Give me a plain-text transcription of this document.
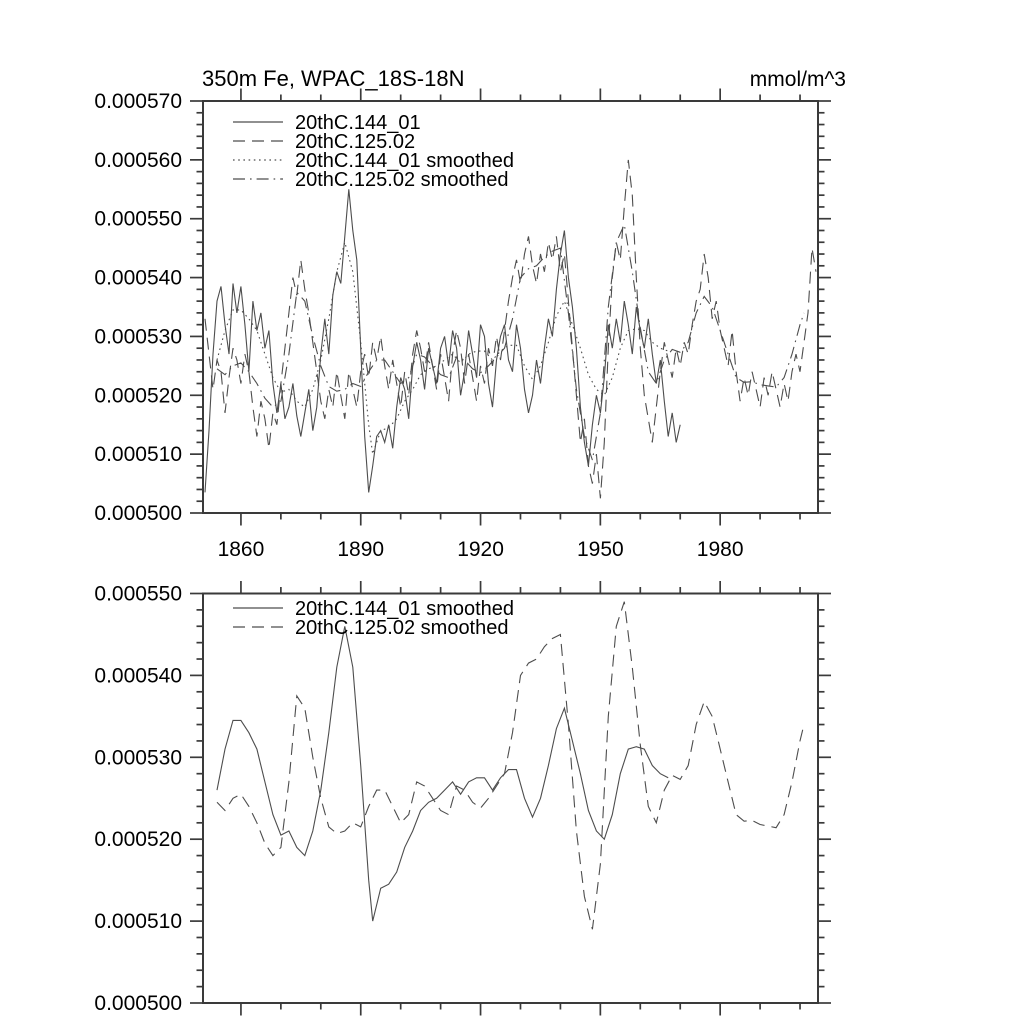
350m Fe, WPAC_18S-18N	mmol/m^3
1860	1890	1920	1950	1980
0.000500
0.000510
0.000520
0.000530
0.000540
0.000550
0.000560
0.000570
20thC.144_01
20thC.125.02
20thC.144_01 smoothed
20thC.125.02 smoothed
0.000500
0.000510
0.000520
0.000530
0.000540
0.000550
20thC.144_01 smoothed
20thC.125.02 smoothed
